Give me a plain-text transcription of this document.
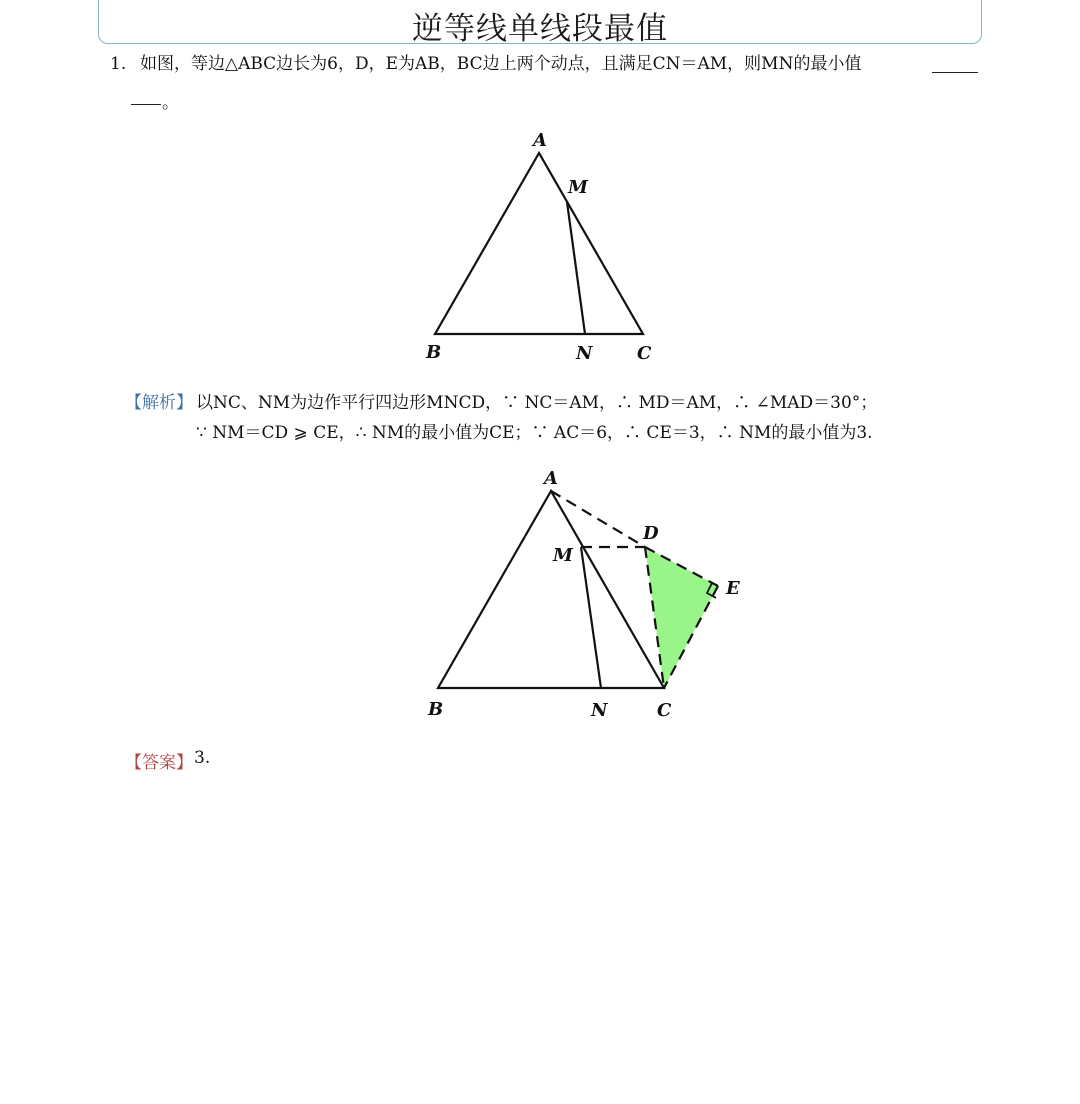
逆等线单线段最值
1. 如图，等边△ABC边长为6，D，E为AB，BC边上两个动点，且满足CN＝AM，则MN的最小值
。
A
M
B	N C
【解析】 以NC、NM为边作平行四边形MNCD，∵ NC＝AM，∴ MD＝AM，∴ ∠MAD＝30°；
∵ NM＝CD ⩾ CE，∴ NM的最小值为CE；∵ AC＝6，∴ CE＝3，∴ NM的最小值为3.
A
D
M
E
B	N	C
【答案】 3.
